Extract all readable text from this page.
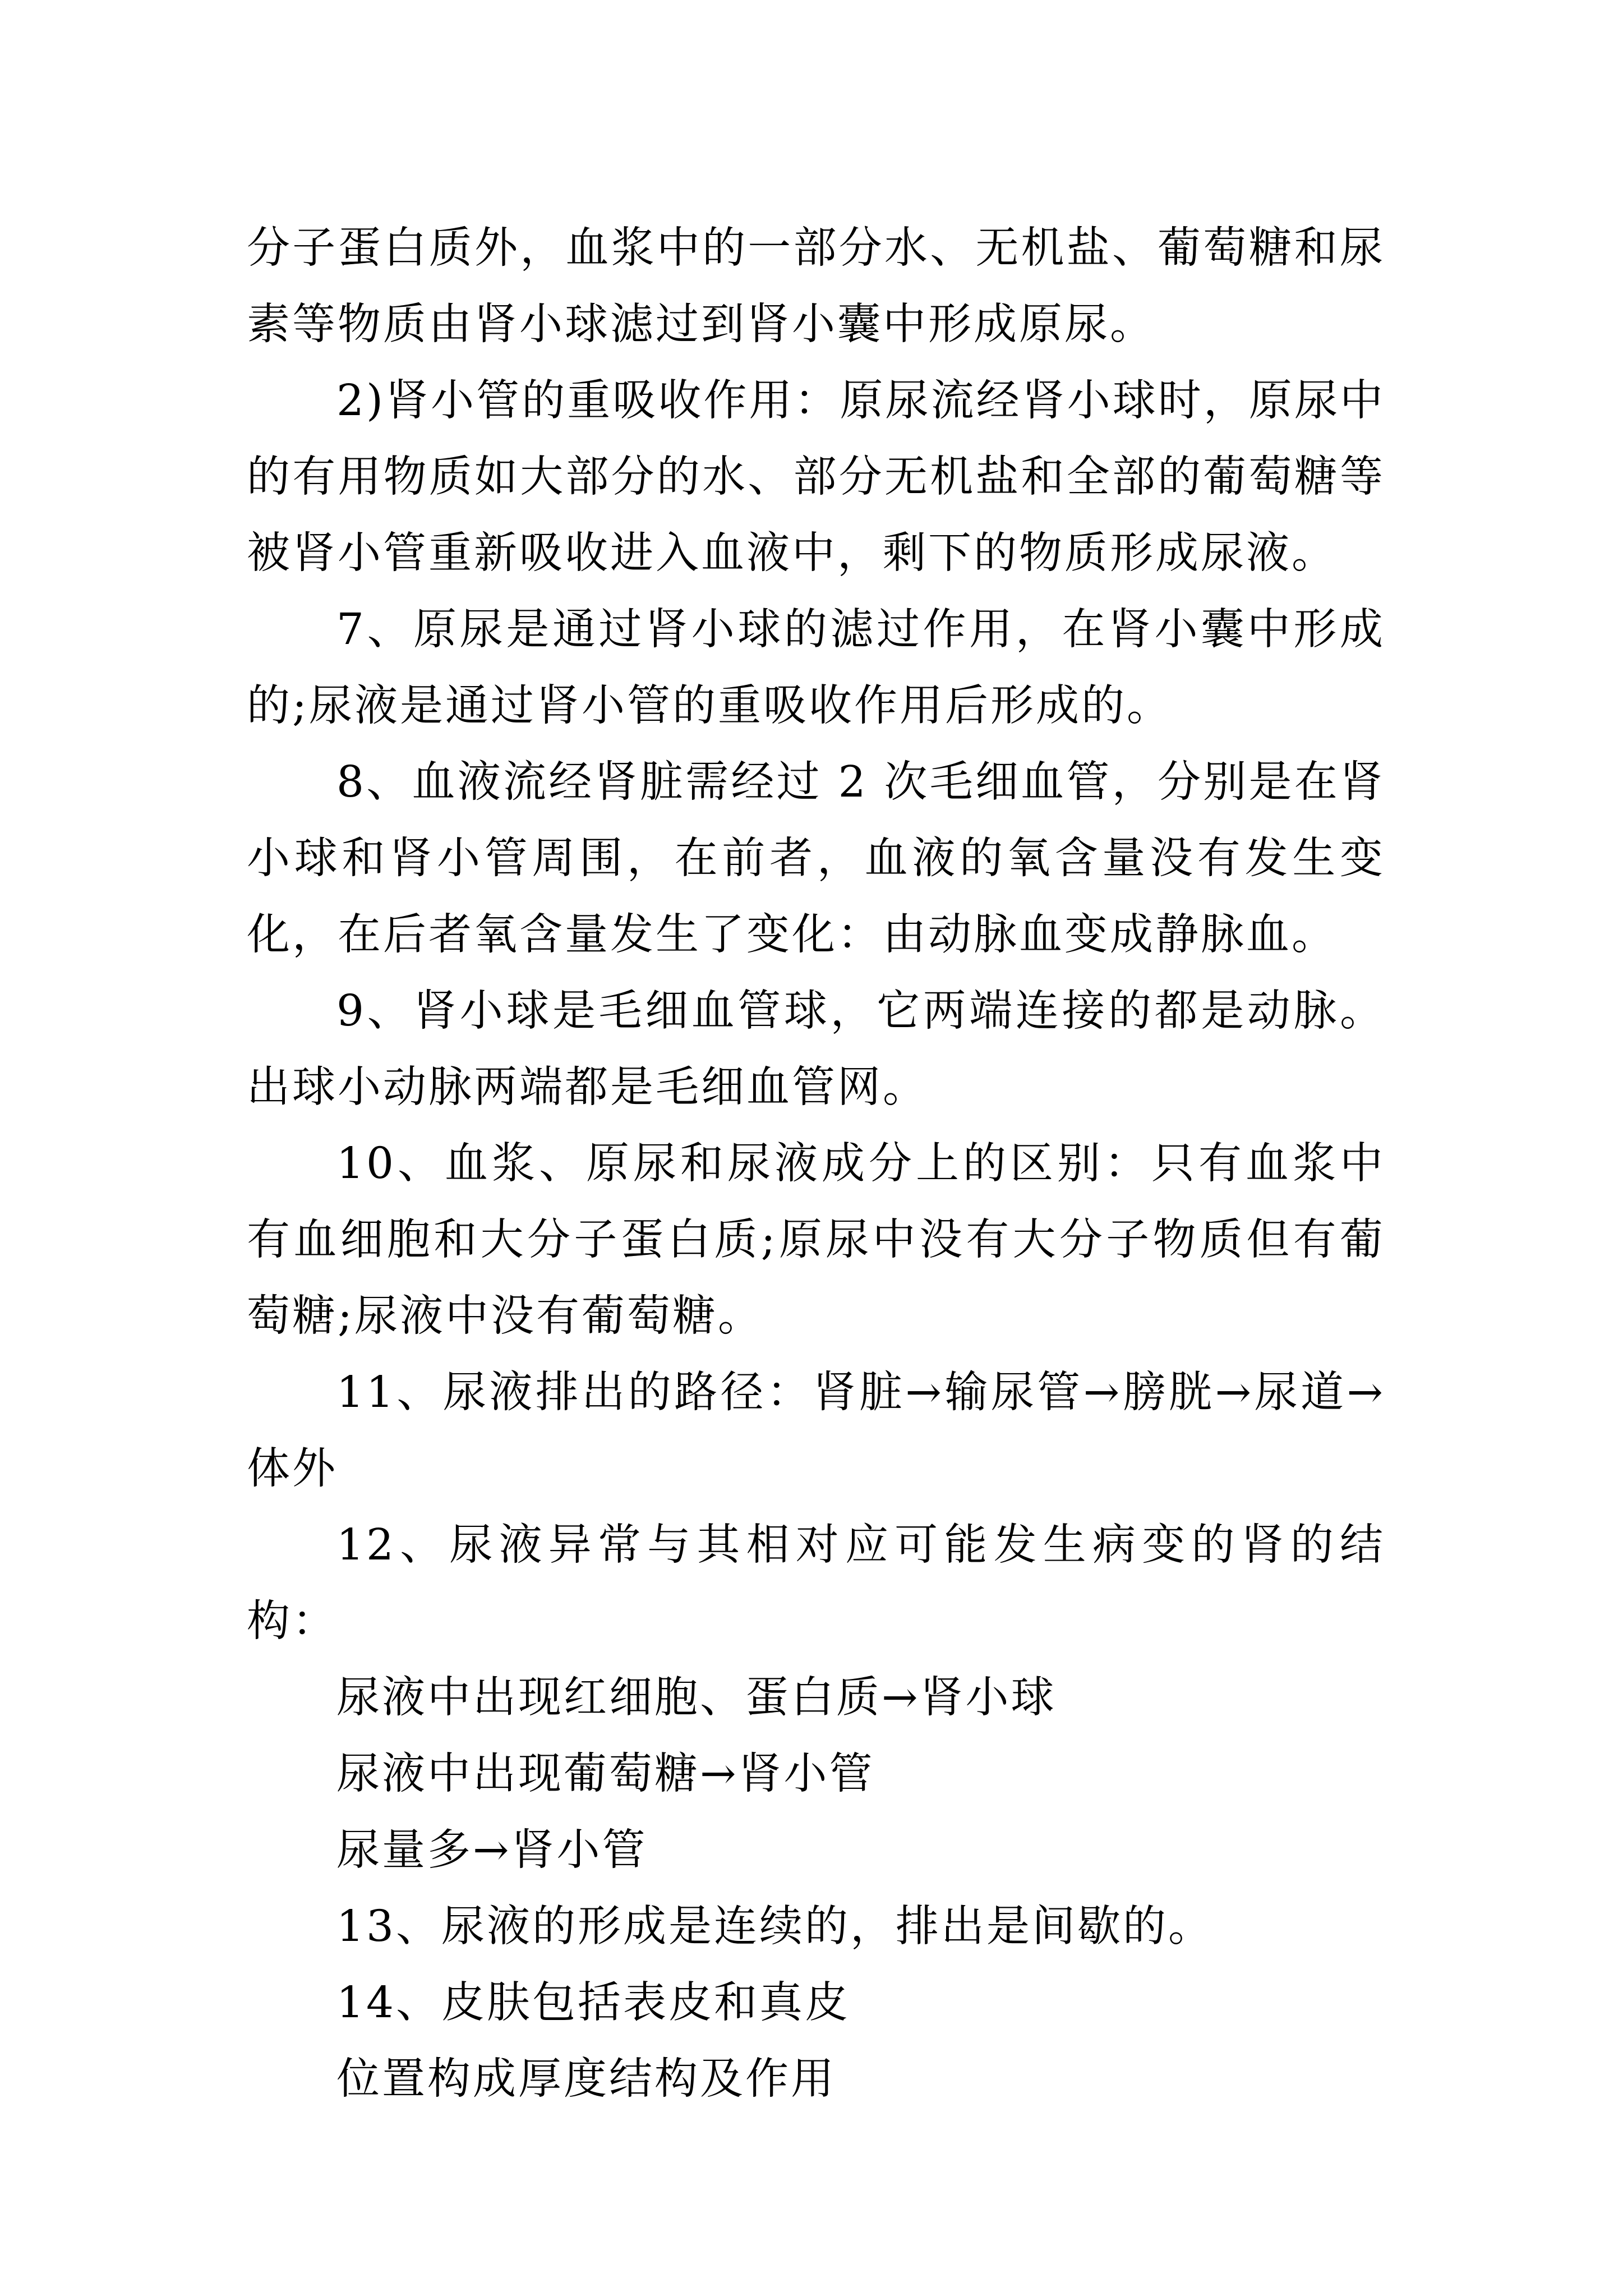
分子蛋白质外，血浆中的一部分水、无机盐、葡萄糖和尿素等物质由肾小球滤过到肾小囊中形成原尿。

2)肾小管的重吸收作用：原尿流经肾小球时，原尿中的有用物质如大部分的水、部分无机盐和全部的葡萄糖等被肾小管重新吸收进入血液中，剩下的物质形成尿液。

7、原尿是通过肾小球的滤过作用，在肾小囊中形成的;尿液是通过肾小管的重吸收作用后形成的。

8、血液流经肾脏需经过 2 次毛细血管，分别是在肾小球和肾小管周围，在前者，血液的氧含量没有发生变化，在后者氧含量发生了变化：由动脉血变成静脉血。

9、肾小球是毛细血管球，它两端连接的都是动脉。出球小动脉两端都是毛细血管网。

10、血浆、原尿和尿液成分上的区别：只有血浆中有血细胞和大分子蛋白质;原尿中没有大分子物质但有葡萄糖;尿液中没有葡萄糖。

11、尿液排出的路径：肾脏→输尿管→膀胱→尿道→体外

12、尿液异常与其相对应可能发生病变的肾的结构：

尿液中出现红细胞、蛋白质→肾小球

尿液中出现葡萄糖→肾小管

尿量多→肾小管

13、尿液的形成是连续的，排出是间歇的。

14、皮肤包括表皮和真皮

位置构成厚度结构及作用
